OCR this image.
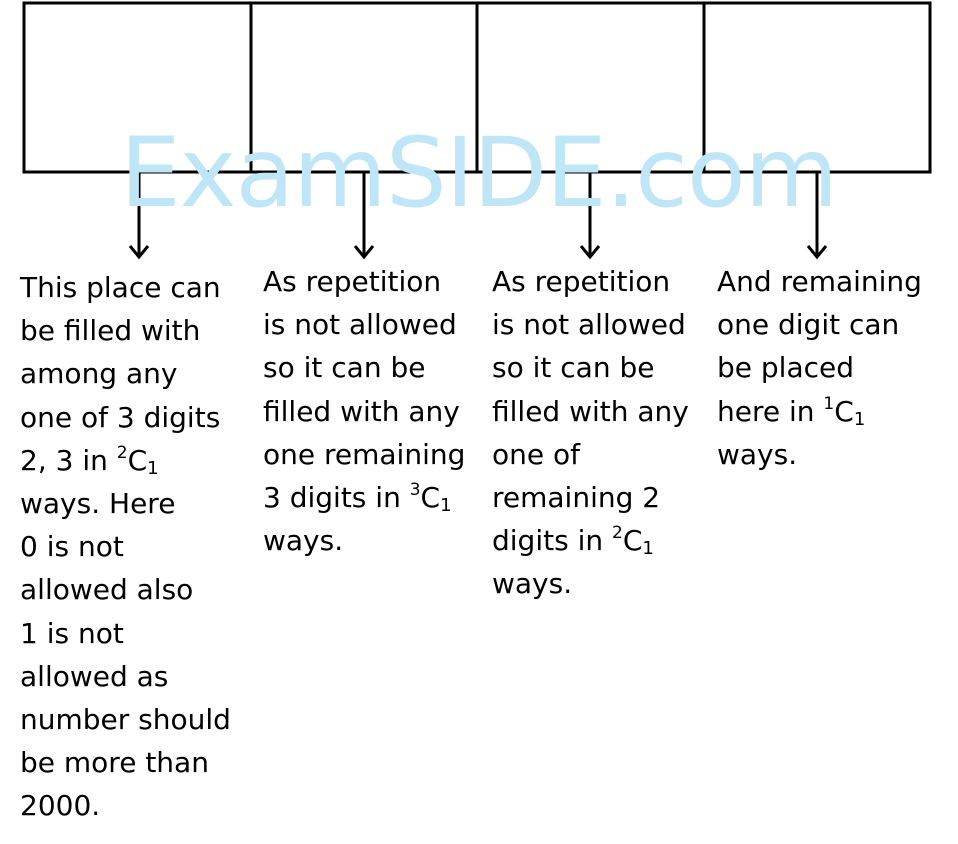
ExamSIDE.com
This place can
be filled with
among any
one of 3 digits
2, 3 in $^2C_1$
ways. Here
0 is not
allowed also
1 is not
allowed as
number should
be more than
2000.
As repetition
is not allowed
so it can be
filled with any
one remaining
3 digits in $^3C_1$
ways.
As repetition
is not allowed
so it can be
filled with any
one of
remaining 2
digits in $^2C_1$
ways.
And remaining
one digit can
be placed
here in $^1C_1$
ways.
